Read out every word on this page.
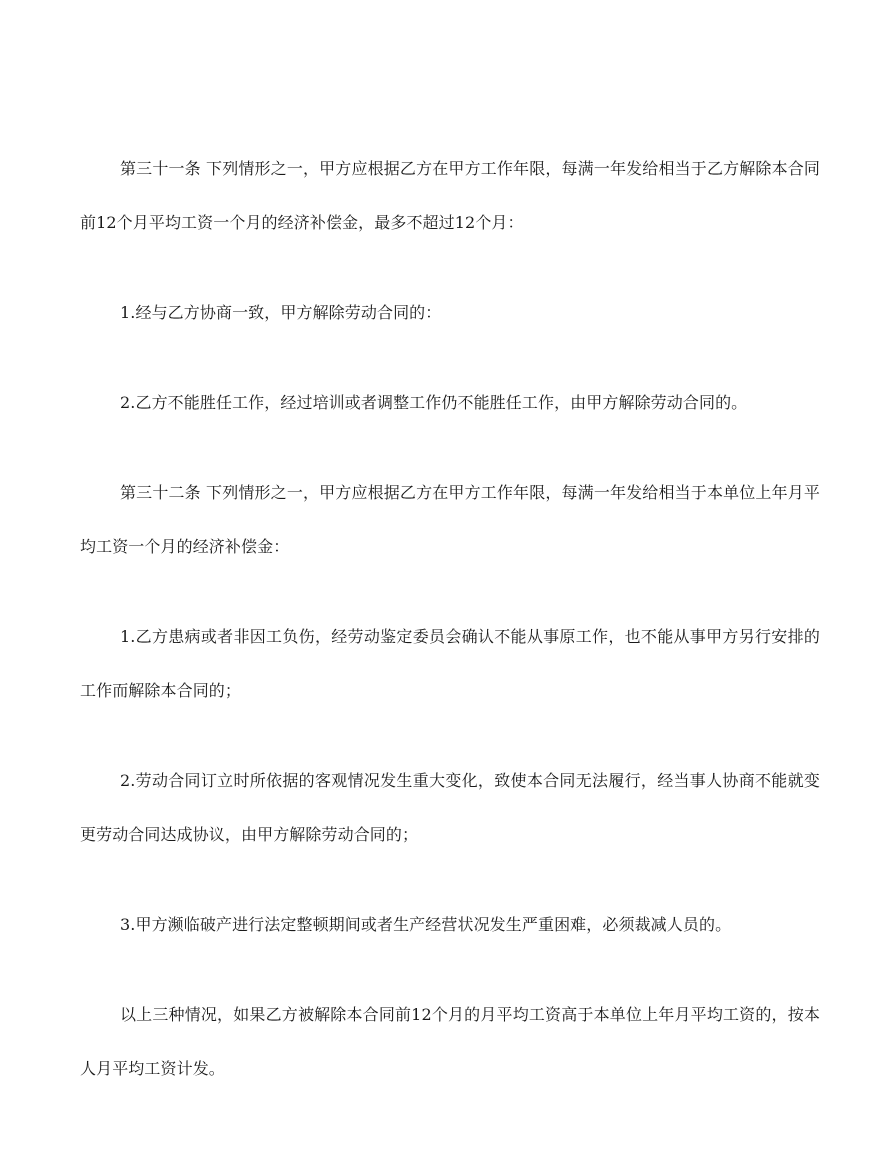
第三十一条 下列情形之一，甲方应根据乙方在甲方工作年限，每满一年发给相当于乙方解除本合同前12个月平均工资一个月的经济补偿金，最多不超过12个月：

1.经与乙方协商一致，甲方解除劳动合同的：

2.乙方不能胜任工作，经过培训或者调整工作仍不能胜任工作，由甲方解除劳动合同的。

第三十二条 下列情形之一，甲方应根据乙方在甲方工作年限，每满一年发给相当于本单位上年月平均工资一个月的经济补偿金：

1.乙方患病或者非因工负伤，经劳动鉴定委员会确认不能从事原工作，也不能从事甲方另行安排的工作而解除本合同的；

2.劳动合同订立时所依据的客观情况发生重大变化，致使本合同无法履行，经当事人协商不能就变更劳动合同达成协议，由甲方解除劳动合同的；

3.甲方濒临破产进行法定整顿期间或者生产经营状况发生严重困难，必须裁减人员的。

以上三种情况，如果乙方被解除本合同前12个月的月平均工资高于本单位上年月平均工资的，按本人月平均工资计发。
